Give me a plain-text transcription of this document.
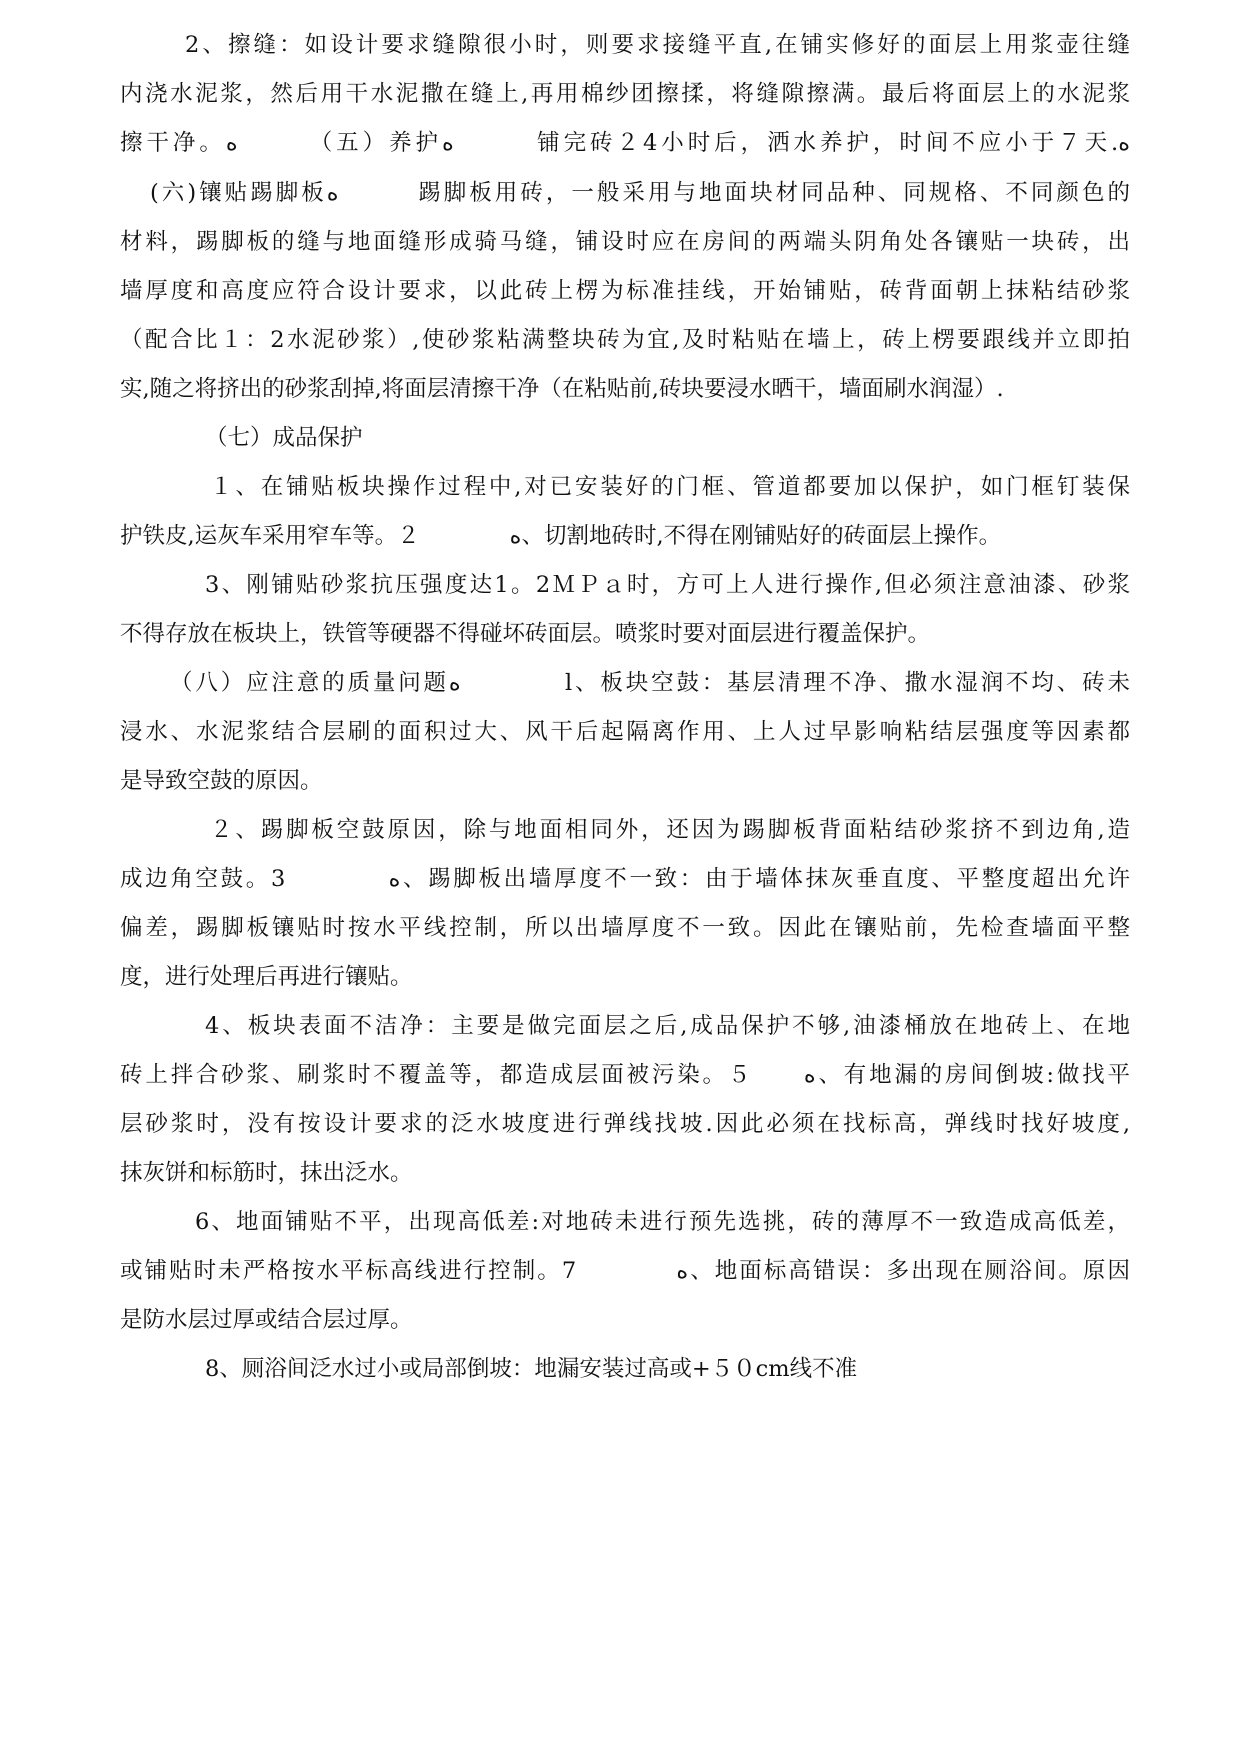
2、擦缝：如设计要求缝隙很小时，则要求接缝平直,在铺实修好的面层上用浆壶往缝
内浇水泥浆，然后用干水泥撒在缝上,再用棉纱团擦揉，将缝隙擦满。最后将面层上的水泥浆
擦干净。ﻩ　　　（五）养护ﻩ　　　铺完砖２4小时后，洒水养护，时间不应小于７天.ﻩ
(六)镶贴踢脚板ﻩ　　　踢脚板用砖，一般采用与地面块材同品种、同规格、不同颜色的
材料，踢脚板的缝与地面缝形成骑马缝，铺设时应在房间的两端头阴角处各镶贴一块砖，出
墙厚度和高度应符合设计要求，以此砖上楞为标准挂线，开始铺贴，砖背面朝上抹粘结砂浆
（配合比１：2水泥砂浆）,使砂浆粘满整块砖为宜,及时粘贴在墙上，砖上楞要跟线并立即拍
实,随之将挤出的砂浆刮掉,将面层清擦干净（在粘贴前,砖块要浸水晒干，墙面刷水润湿）.
（七）成品保护
１、在铺贴板块操作过程中,对已安装好的门框、管道都要加以保护，如门框钉装保
护铁皮,运灰车采用窄车等。２　　　　ﻩ、切割地砖时,不得在刚铺贴好的砖面层上操作。
3、刚铺贴砂浆抗压强度达1。2ＭＰａ时，方可上人进行操作,但必须注意油漆、砂浆
不得存放在板块上，铁管等硬器不得碰坏砖面层。喷浆时要对面层进行覆盖保护。
（八）应注意的质量问题ﻩ　　　　l、板块空鼓：基层清理不净、撒水湿润不均、砖未
浸水、水泥浆结合层刷的面积过大、风干后起隔离作用、上人过早影响粘结层强度等因素都
是导致空鼓的原因。
２、踢脚板空鼓原因，除与地面相同外，还因为踢脚板背面粘结砂浆挤不到边角,造
成边角空鼓。3　　　　ﻩ、踢脚板出墙厚度不一致：由于墙体抹灰垂直度、平整度超出允许
偏差，踢脚板镶贴时按水平线控制，所以出墙厚度不一致。因此在镶贴前，先检查墙面平整
度，进行处理后再进行镶贴。
4、板块表面不洁净：主要是做完面层之后,成品保护不够,油漆桶放在地砖上、在地
砖上拌合砂浆、刷浆时不覆盖等，都造成层面被污染。５　　ﻩ、有地漏的房间倒坡:做找平
层砂浆时，没有按设计要求的泛水坡度进行弹线找坡.因此必须在找标高，弹线时找好坡度,
抹灰饼和标筋时，抹出泛水。
6、地面铺贴不平，出现高低差:对地砖未进行预先选挑，砖的薄厚不一致造成高低差，
或铺贴时未严格按水平标高线进行控制。7　　　　ﻩ、地面标高错误：多出现在厕浴间。原因
是防水层过厚或结合层过厚。
8、厕浴间泛水过小或局部倒坡：地漏安装过高或+５０cm线不准
